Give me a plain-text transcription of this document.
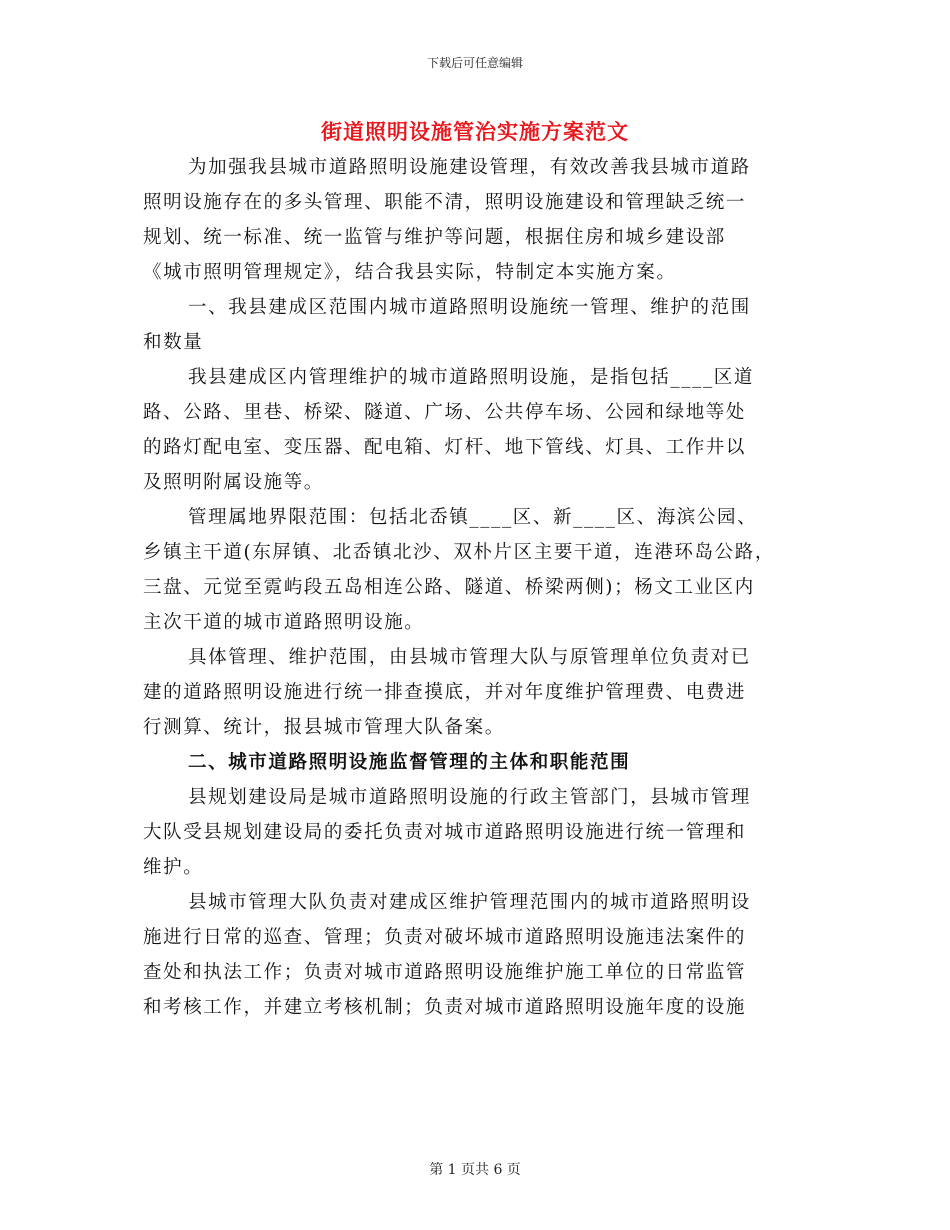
下载后可任意编辑
街道照明设施管治实施方案范文
为加强我县城市道路照明设施建设管理，有效改善我县城市道路
照明设施存在的多头管理、职能不清，照明设施建设和管理缺乏统一
规划、统一标准、统一监管与维护等问题，根据住房和城乡建设部
《城市照明管理规定》，结合我县实际，特制定本实施方案。
一、我县建成区范围内城市道路照明设施统一管理、维护的范围
和数量
我县建成区内管理维护的城市道路照明设施，是指包括____区道
路、公路、里巷、桥梁、隧道、广场、公共停车场、公园和绿地等处
的路灯配电室、变压器、配电箱、灯杆、地下管线、灯具、工作井以
及照明附属设施等。
管理属地界限范围：包括北岙镇____区、新____区、海滨公园、
乡镇主干道(东屏镇、北岙镇北沙、双朴片区主要干道，连港环岛公路，
三盘、元觉至霓屿段五岛相连公路、隧道、桥梁两侧)；杨文工业区内
主次干道的城市道路照明设施。
具体管理、维护范围，由县城市管理大队与原管理单位负责对已
建的道路照明设施进行统一排查摸底，并对年度维护管理费、电费进
行测算、统计，报县城市管理大队备案。
二、城市道路照明设施监督管理的主体和职能范围
县规划建设局是城市道路照明设施的行政主管部门，县城市管理
大队受县规划建设局的委托负责对城市道路照明设施进行统一管理和
维护。
县城市管理大队负责对建成区维护管理范围内的城市道路照明设
施进行日常的巡查、管理；负责对破坏城市道路照明设施违法案件的
查处和执法工作；负责对城市道路照明设施维护施工单位的日常监管
和考核工作，并建立考核机制；负责对城市道路照明设施年度的设施
第 1 页共 6 页
